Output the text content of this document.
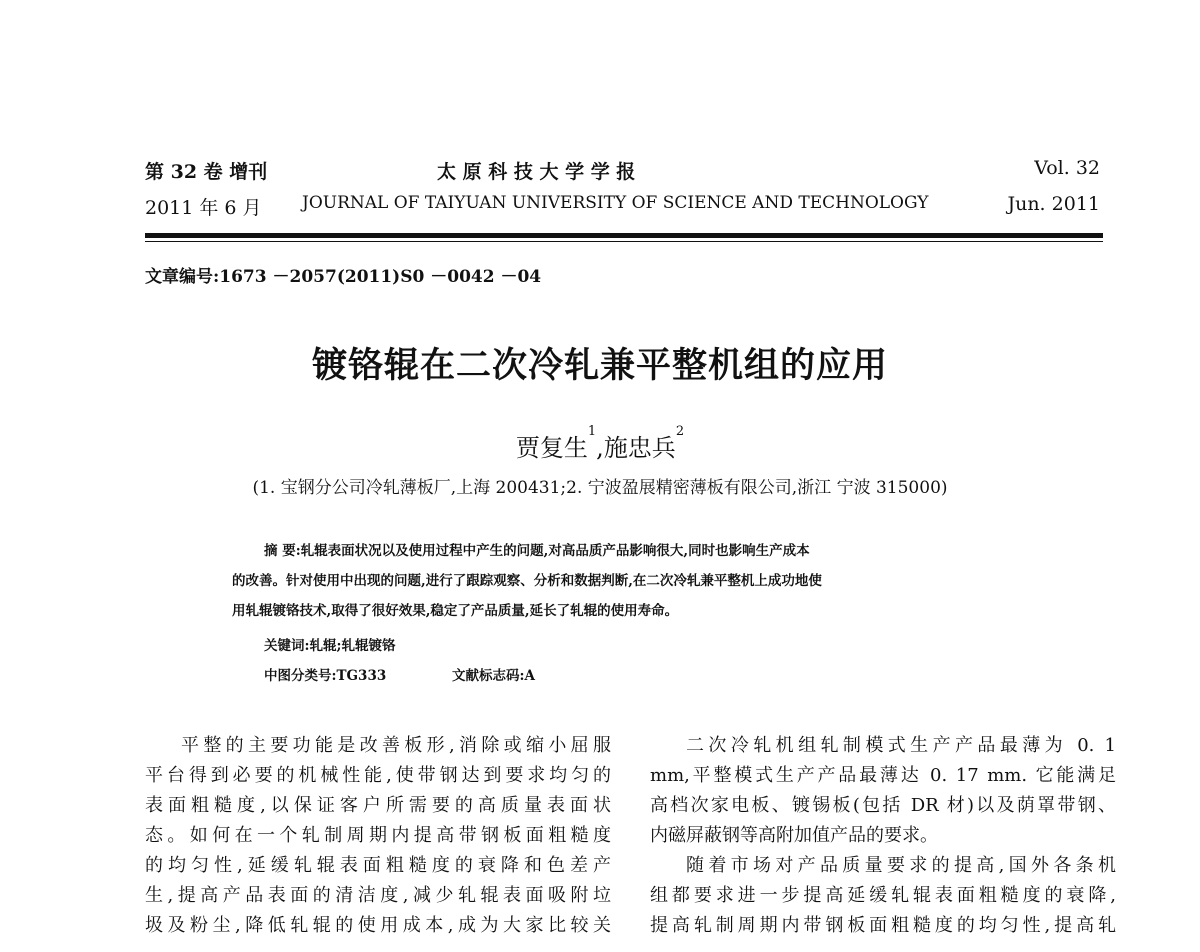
第 32 卷 增刊	太 原 科 技 大 学 学 报	Vol. 32
2011 年 6 月 JOURNAL OF TAIYUAN UNIVERSITY OF SCIENCE AND TECHNOLOGY	Jun. 2011
文章编号:1673 －2057(2011)S0 －0042 －04
镀铬辊在二次冷轧兼平整机组的应用
贾复生$^1$,施忠兵$^2$
(1. 宝钢分公司冷轧薄板厂,上海 200431;2. 宁波盈展精密薄板有限公司,浙江 宁波 315000)
摘 要:轧辊表面状况以及使用过程中产生的问题,对高品质产品影响很大,同时也影响生产成本
的改善。针对使用中出现的问题,进行了跟踪观察、分析和数据判断,在二次冷轧兼平整机上成功地使
用轧辊镀铬技术,取得了很好效果,稳定了产品质量,延长了轧辊的使用寿命。
关键词:轧辊;轧辊镀铬
中图分类号:TG333	文献标志码:A

平整的主要功能是改善板形,消除或缩小屈服

平台得到必要的机械性能,使带钢达到要求均匀的

表面粗糙度,以保证客户所需要的高质量表面状

态。如何在一个轧制周期内提高带钢板面粗糙度

的均匀性,延缓轧辊表面粗糙度的衰降和色差产

生,提高产品表面的清洁度,减少轧辊表面吸附垃

圾及粉尘,降低轧辊的使用成本,成为大家比较关

二次冷轧机组轧制模式生产产品最薄为 0. 1

mm,平整模式生产产品最薄达 0. 17 mm. 它能满足

高档次家电板、镀锡板(包括 DR 材)以及荫罩带钢、

内磁屏蔽钢等高附加值产品的要求。

随着市场对产品质量要求的提高,国外各条机

组都要求进一步提高延缓轧辊表面粗糙度的衰降,

提高轧制周期内带钢板面粗糙度的均匀性,提高轧
